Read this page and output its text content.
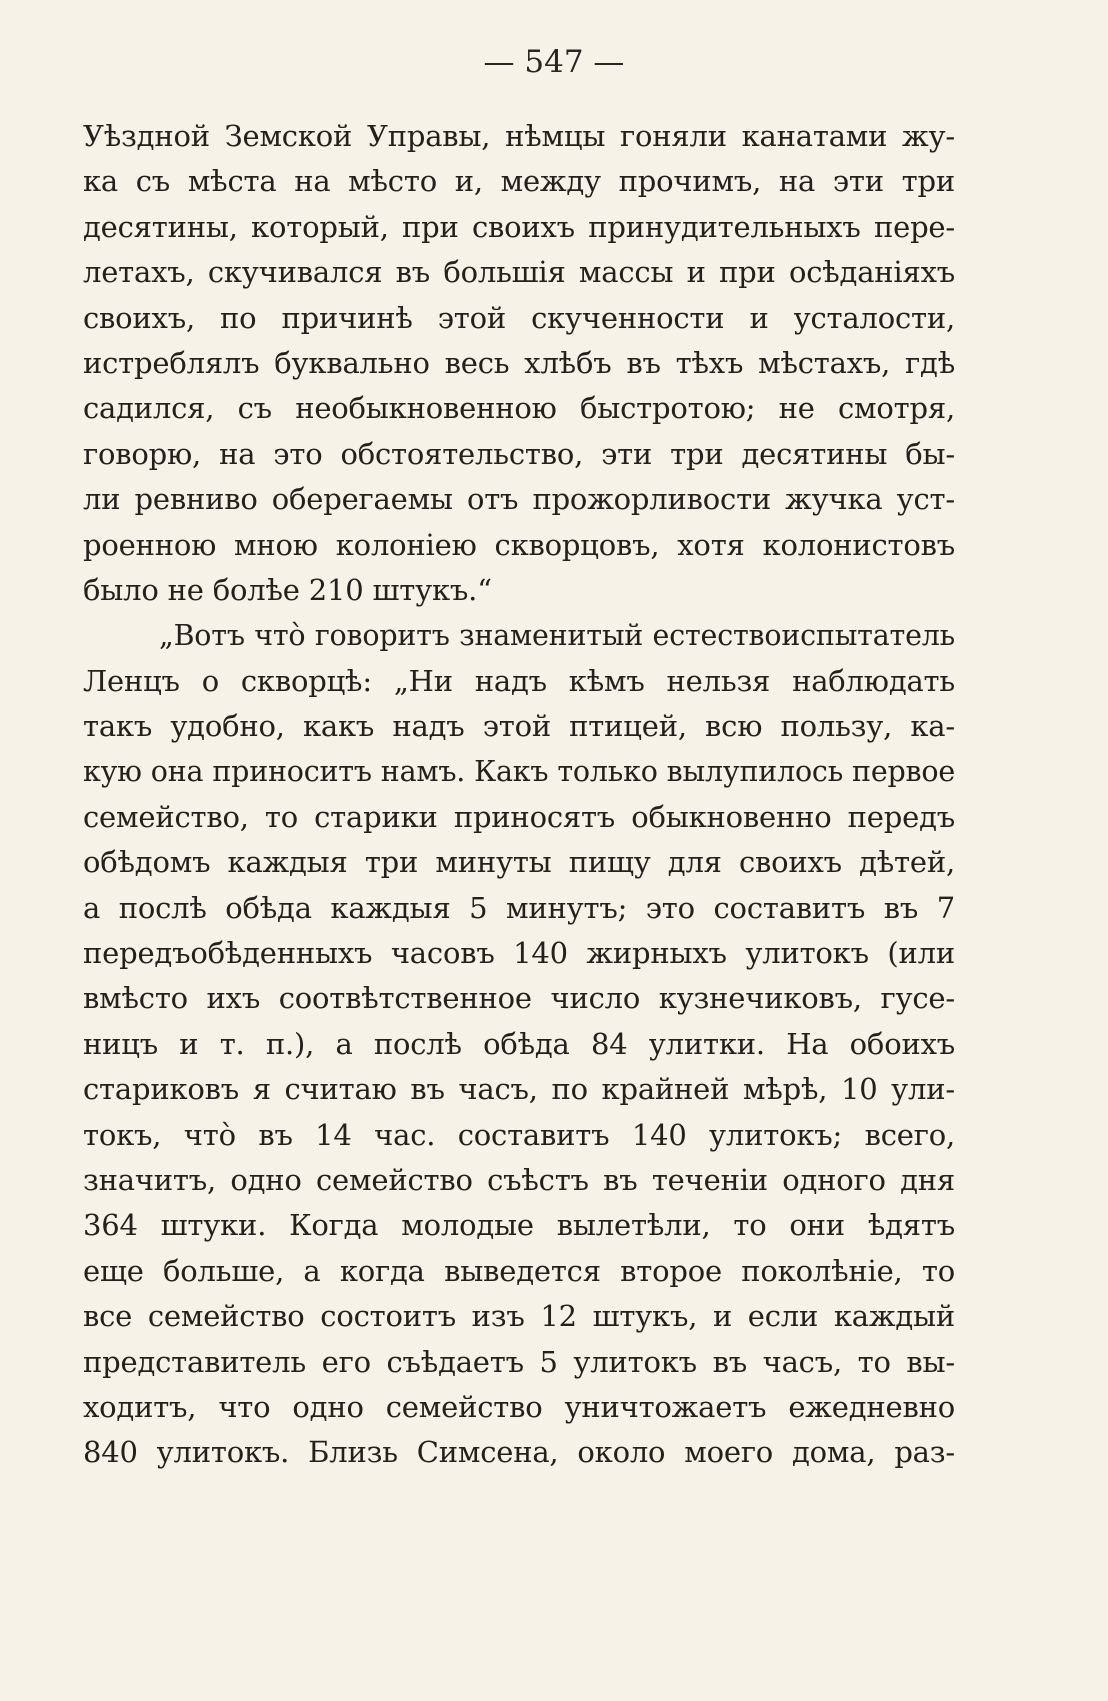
— 547 —
Уѣздной Земской Управы, нѣмцы гоняли канатами жу-
ка съ мѣста на мѣсто и, между прочимъ, на эти три
десятины, который, при своихъ принудительныхъ пере-
летахъ, скучивался въ большія массы и при осѣданіяхъ
своихъ, по причинѣ этой скученности и усталости,
истреблялъ буквально весь хлѣбъ въ тѣхъ мѣстахъ, гдѣ
садился, съ необыкновенною быстротою; не смотря,
говорю, на это обстоятельство, эти три десятины бы-
ли ревниво оберегаемы отъ прожорливости жучка уст-
роенною мною колоніею скворцовъ, хотя колонистовъ
было не болѣе 210 штукъ.“
„Вотъ что̀ говоритъ знаменитый естествоиспытатель
Ленцъ о скворцѣ: „Ни надъ кѣмъ нельзя наблюдать
такъ удобно, какъ надъ этой птицей, всю пользу, ка-
кую она приноситъ намъ. Какъ только вылупилось первое
семейство, то старики приносятъ обыкновенно передъ
обѣдомъ каждыя три минуты пищу для своихъ дѣтей,
а послѣ обѣда каждыя 5 минутъ; это составитъ въ 7
передъобѣденныхъ часовъ 140 жирныхъ улитокъ (или
вмѣсто ихъ соотвѣтственное число кузнечиковъ, гусе-
ницъ и т. п.), а послѣ обѣда 84 улитки. На обоихъ
стариковъ я считаю въ часъ, по крайней мѣрѣ, 10 ули-
токъ, что̀ въ 14 час. составитъ 140 улитокъ; всего,
значитъ, одно семейство съѣстъ въ теченіи одного дня
364 штуки. Когда молодые вылетѣли, то они ѣдятъ
еще больше, а когда выведется второе поколѣніе, то
все семейство состоитъ изъ 12 штукъ, и если каждый
представитель его съѣдаетъ 5 улитокъ въ часъ, то вы-
ходитъ, что одно семейство уничтожаетъ ежедневно
840 улитокъ. Близь Симсена, около моего дома, раз-
